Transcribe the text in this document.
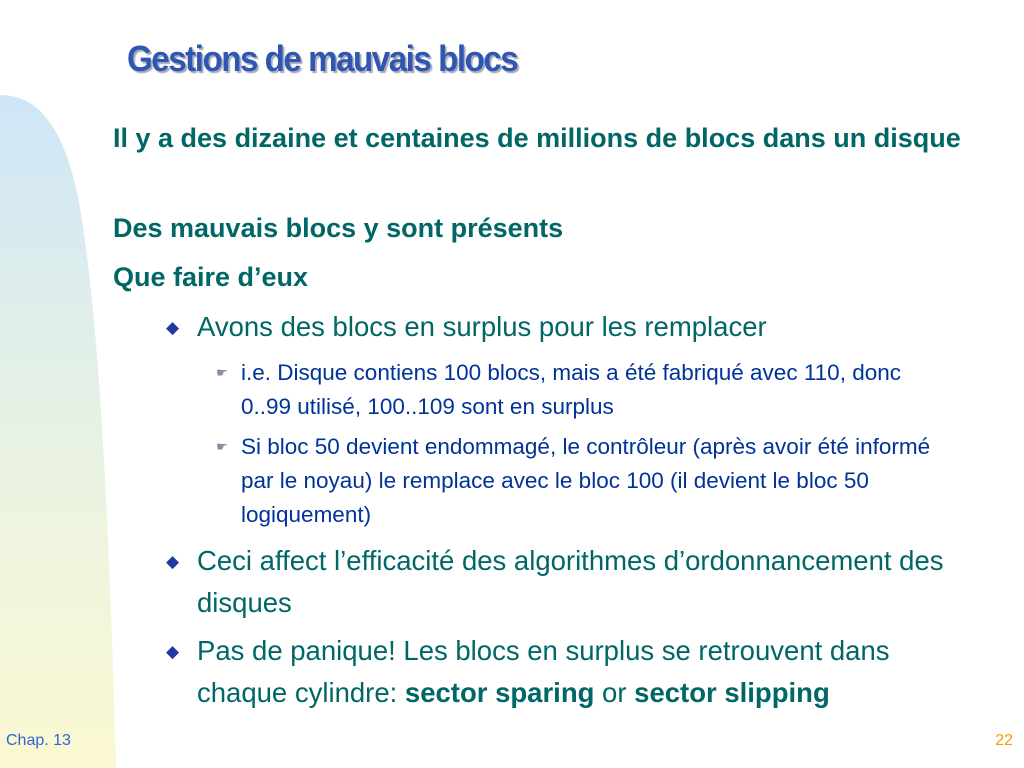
Gestions de mauvais blocs

Il y a des dizaine et centaines de millions de blocs dans un disque

Des mauvais blocs y sont présents

Que faire d’eux

◆ Avons des blocs en surplus pour les remplacer

☛ i.e. Disque contiens 100 blocs, mais a été fabriqué avec 110, donc 0..99 utilisé, 100..109 sont en surplus

☛ Si bloc 50 devient endommagé, le contrôleur (après avoir été informé par le noyau) le remplace avec le bloc 100 (il devient le bloc 50 logiquement)

◆ Ceci affect l’efficacité des algorithmes d’ordonnancement des disques

◆ Pas de panique! Les blocs en surplus se retrouvent dans chaque cylindre: sector sparing or sector slipping

Chap. 13	22
